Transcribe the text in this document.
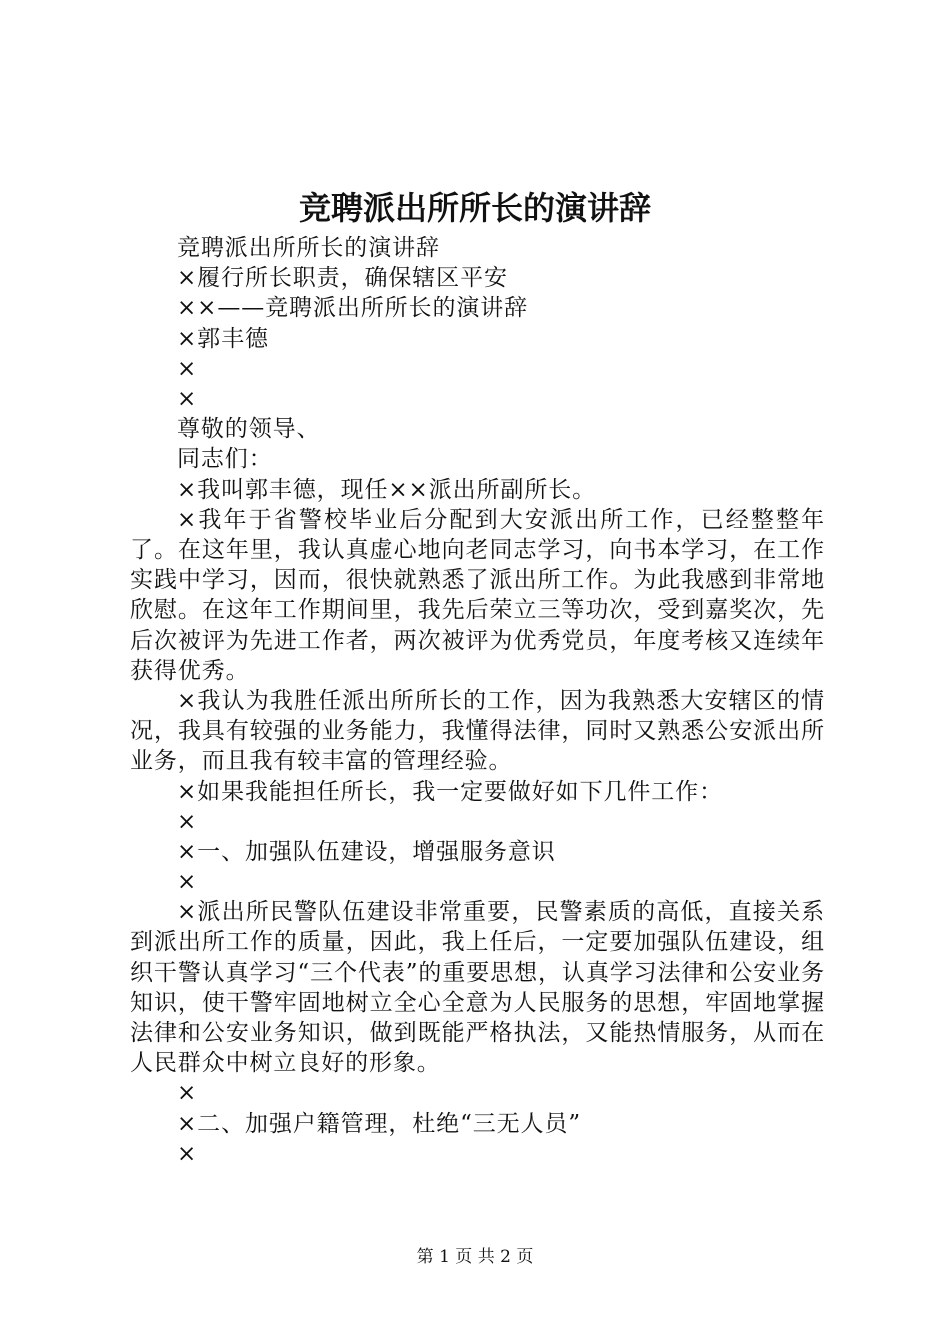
竞聘派出所所长的演讲辞
竞聘派出所所长的演讲辞
×履行所长职责，确保辖区平安
××——竞聘派出所所长的演讲辞
×郭丰德
×
×
尊敬的领导、
同志们：
×我叫郭丰德，现任××派出所副所长。
×我年于省警校毕业后分配到大安派出所工作，已经整整年了。在这年里，我认真虚心地向老同志学习，向书本学习，在工作实践中学习，因而，很快就熟悉了派出所工作。为此我感到非常地欣慰。在这年工作期间里，我先后荣立三等功次，受到嘉奖次，先后次被评为先进工作者，两次被评为优秀党员，年度考核又连续年获得优秀。
×我认为我胜任派出所所长的工作，因为我熟悉大安辖区的情况，我具有较强的业务能力，我懂得法律，同时又熟悉公安派出所业务，而且我有较丰富的管理经验。
×如果我能担任所长，我一定要做好如下几件工作：
×
×一、加强队伍建设，增强服务意识
×
×派出所民警队伍建设非常重要，民警素质的高低，直接关系到派出所工作的质量，因此，我上任后，一定要加强队伍建设，组织干警认真学习“三个代表”的重要思想，认真学习法律和公安业务知识，使干警牢固地树立全心全意为人民服务的思想，牢固地掌握法律和公安业务知识，做到既能严格执法，又能热情服务，从而在人民群众中树立良好的形象。
×
×二、加强户籍管理，杜绝“三无人员”
×
第 1 页 共 2 页
